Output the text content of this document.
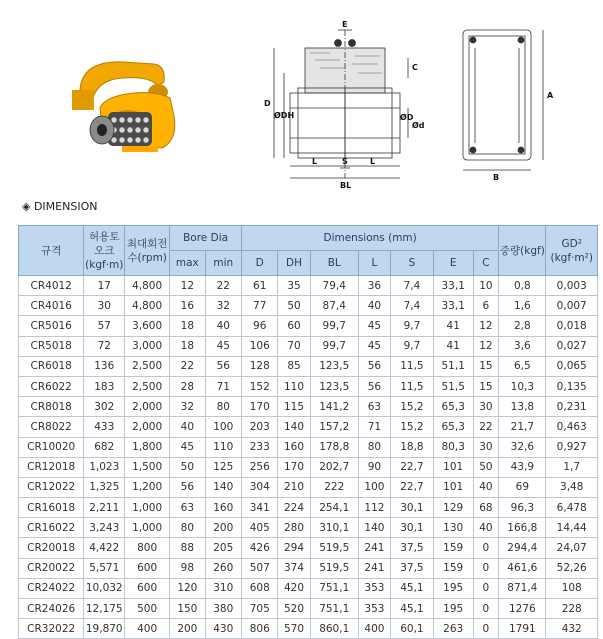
E
C
D
ØDH	ØD
Ød
L	S	L
BL
A
B
◈ DIMENSION
규격	허용토오크(kgf·m)	최대회전수(rpm)	Bore Dia		Dimensions (mm)							중량(kgf)	GD² (kgf·m²)
			max	min	D	DH	BL	L	S	E	C		
CR4012	17	4,800	12	22	61	35	79,4	36	7,4	33,1	10	0,8	0,003
CR4016	30	4,800	16	32	77	50	87,4	40	7,4	33,1	6	1,6	0,007
CR5016	57	3,600	18	40	96	60	99,7	45	9,7	41	12	2,8	0,018
CR5018	72	3,000	18	45	106	70	99,7	45	9,7	41	12	3,6	0,027
CR6018	136	2,500	22	56	128	85	123,5	56	11,5	51,1	15	6,5	0,065
CR6022	183	2,500	28	71	152	110	123,5	56	11,5	51,5	15	10,3	0,135
CR8018	302	2,000	32	80	170	115	141,2	63	15,2	65,3	30	13,8	0,231
CR8022	433	2,000	40	100	203	140	157,2	71	15,2	65,3	22	21,7	0,463
CR10020	682	1,800	45	110	233	160	178,8	80	18,8	80,3	30	32,6	0,927
CR12018	1,023	1,500	50	125	256	170	202,7	90	22,7	101	50	43,9	1,7
CR12022	1,325	1,200	56	140	304	210	222	100	22,7	101	40	69	3,48
CR16018	2,211	1,000	63	160	341	224	254,1	112	30,1	129	68	96,3	6,478
CR16022	3,243	1,000	80	200	405	280	310,1	140	30,1	130	40	166,8	14,44
CR20018	4,422	800	88	205	426	294	519,5	241	37,5	159	0	294,4	24,07
CR20022	5,571	600	98	260	507	374	519,5	241	37,5	159	0	461,6	52,26
CR24022	10,032	600	120	310	608	420	751,1	353	45,1	195	0	871,4	108
CR24026	12,175	500	150	380	705	520	751,1	353	45,1	195	0	1276	228
CR32022	19,870	400	200	430	806	570	860,1	400	60,1	263	0	1791	432
